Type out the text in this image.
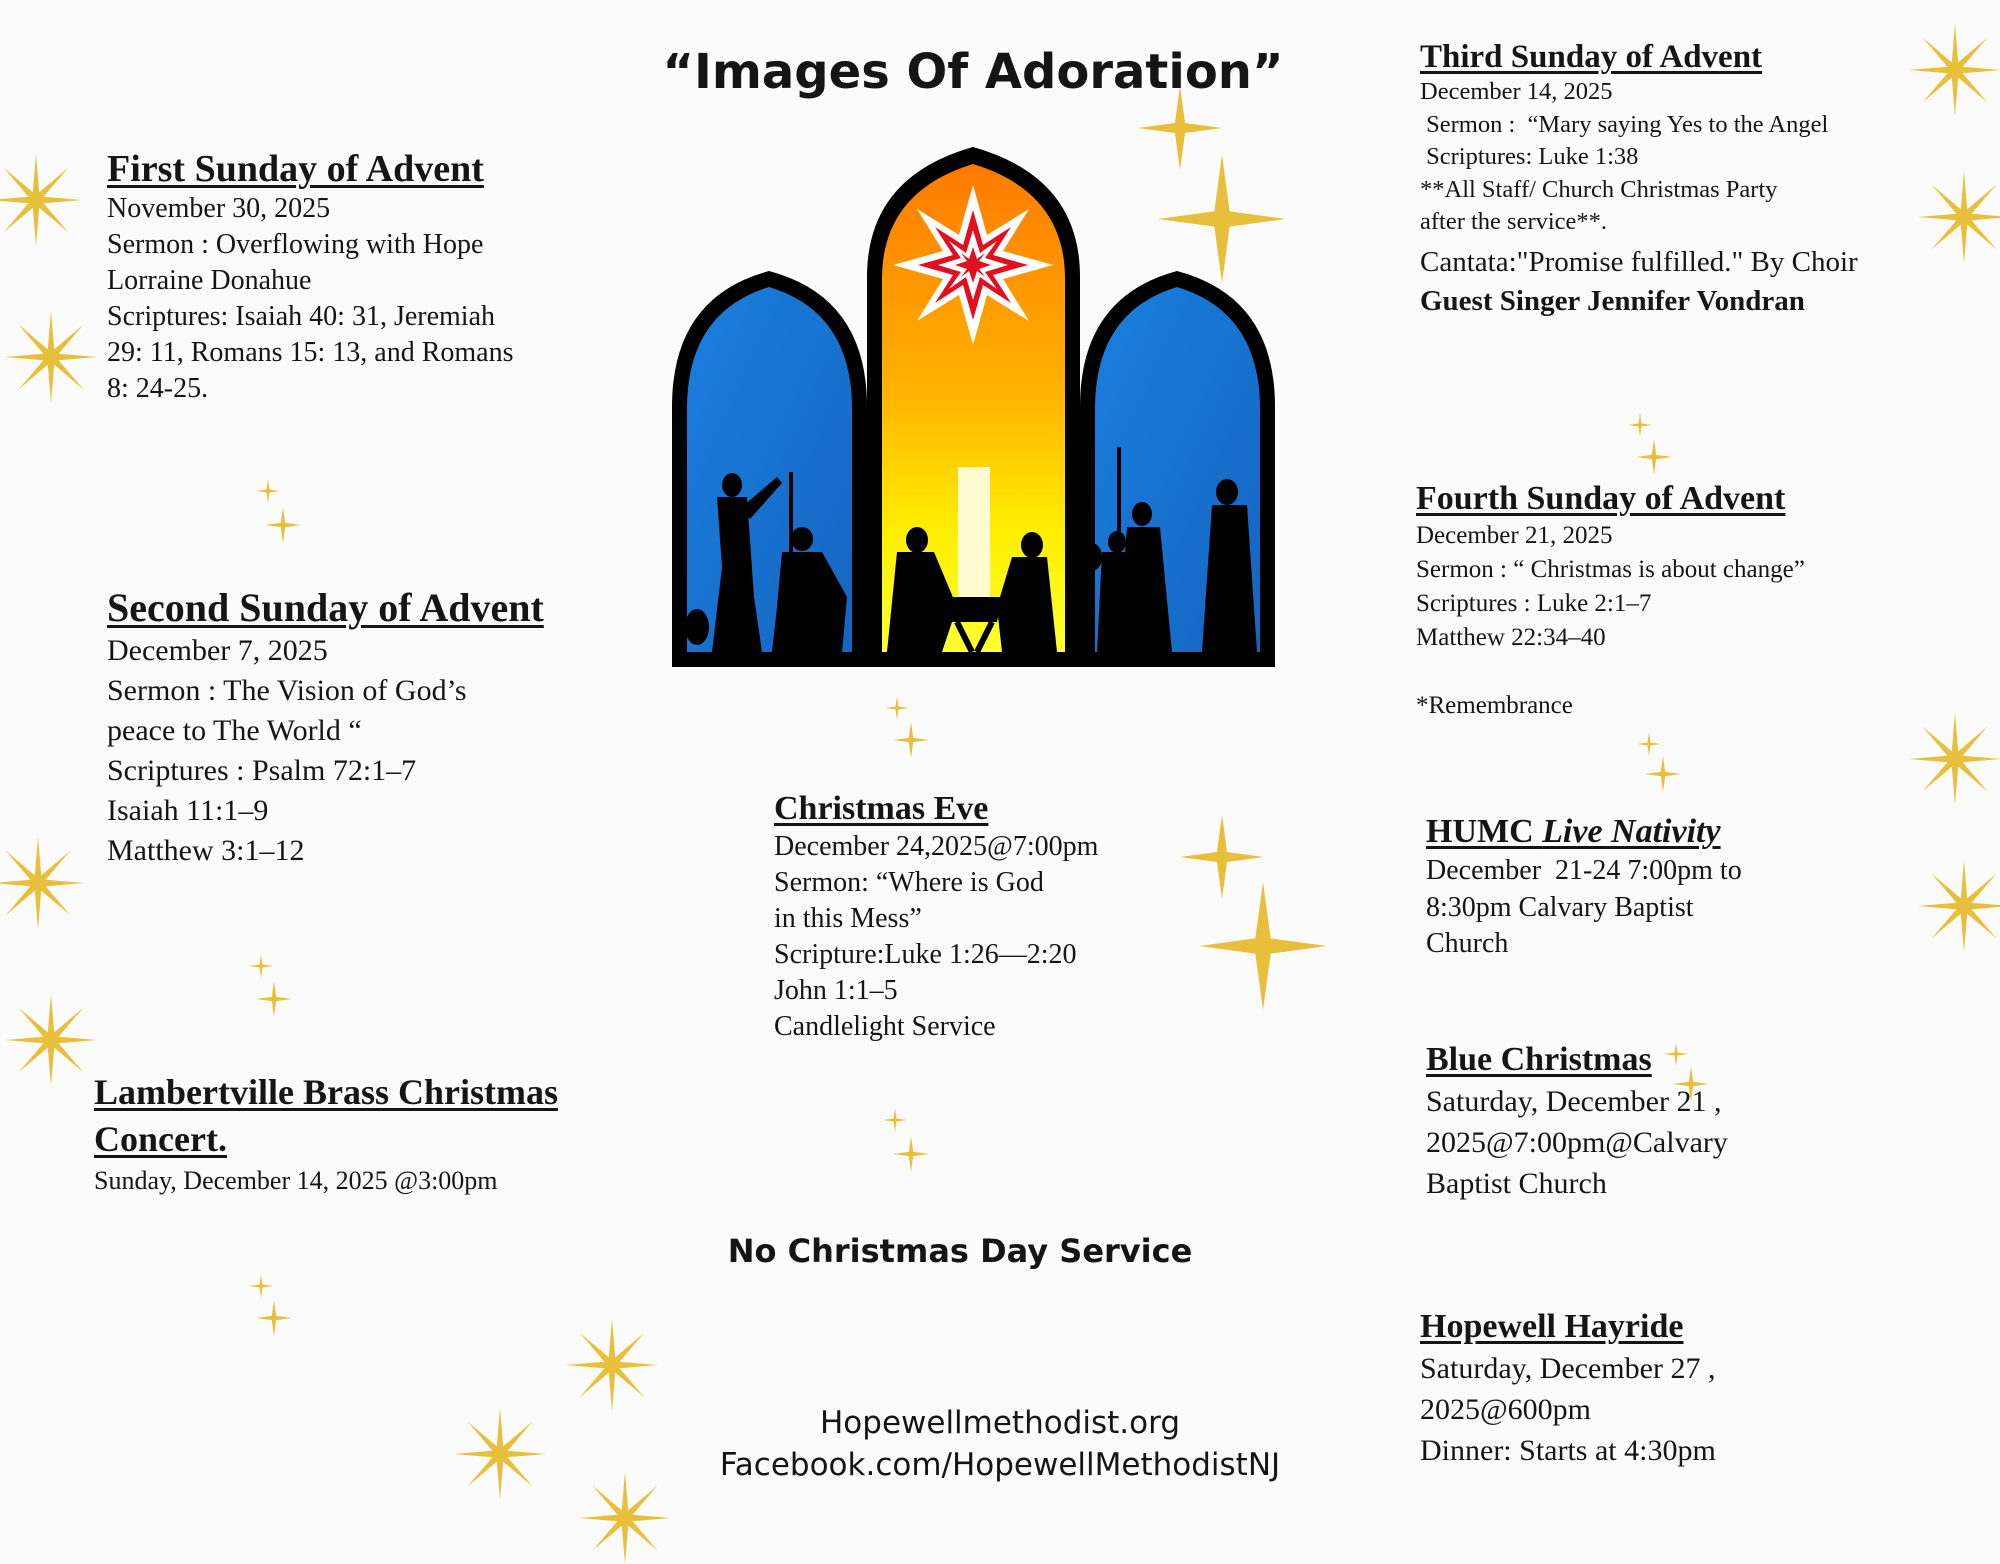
“Images Of Adoration”
First Sunday of Advent
November 30, 2025
Sermon : Overflowing with Hope
Lorraine Donahue
Scriptures: Isaiah 40: 31, Jeremiah
29: 11, Romans 15: 13, and Romans
8: 24-25.
Second Sunday of Advent
December 7, 2025
Sermon : The Vision of God’s
peace to The World “
Scriptures : Psalm 72:1–7
Isaiah 11:1–9
Matthew 3:1–12
Lambertville Brass Christmas
Concert.
Sunday, December 14, 2025 @3:00pm
Christmas Eve
December 24,2025@7:00pm
Sermon: “Where is God
in this Mess”
Scripture:Luke 1:26—2:20
John 1:1–5
Candlelight Service
Third Sunday of Advent
December 14, 2025
Sermon :  “Mary saying Yes to the Angel
Scriptures: Luke 1:38
**All Staff/ Church Christmas Party
after the service**.
Cantata:"Promise fulfilled." By Choir
Guest Singer Jennifer Vondran
Fourth Sunday of Advent
December 21, 2025
Sermon : “ Christmas is about change”
Scriptures : Luke 2:1–7
Matthew 22:34–40
*Remembrance
HUMC Live Nativity
December  21-24 7:00pm to
8:30pm Calvary Baptist
Church
Blue Christmas
Saturday, December 21 ,
2025@7:00pm@Calvary
Baptist Church
Hopewell Hayride
Saturday, December 27 ,
2025@600pm
Dinner: Starts at 4:30pm
No Christmas Day Service
Hopewellmethodist.org
Facebook.com/HopewellMethodistNJ
